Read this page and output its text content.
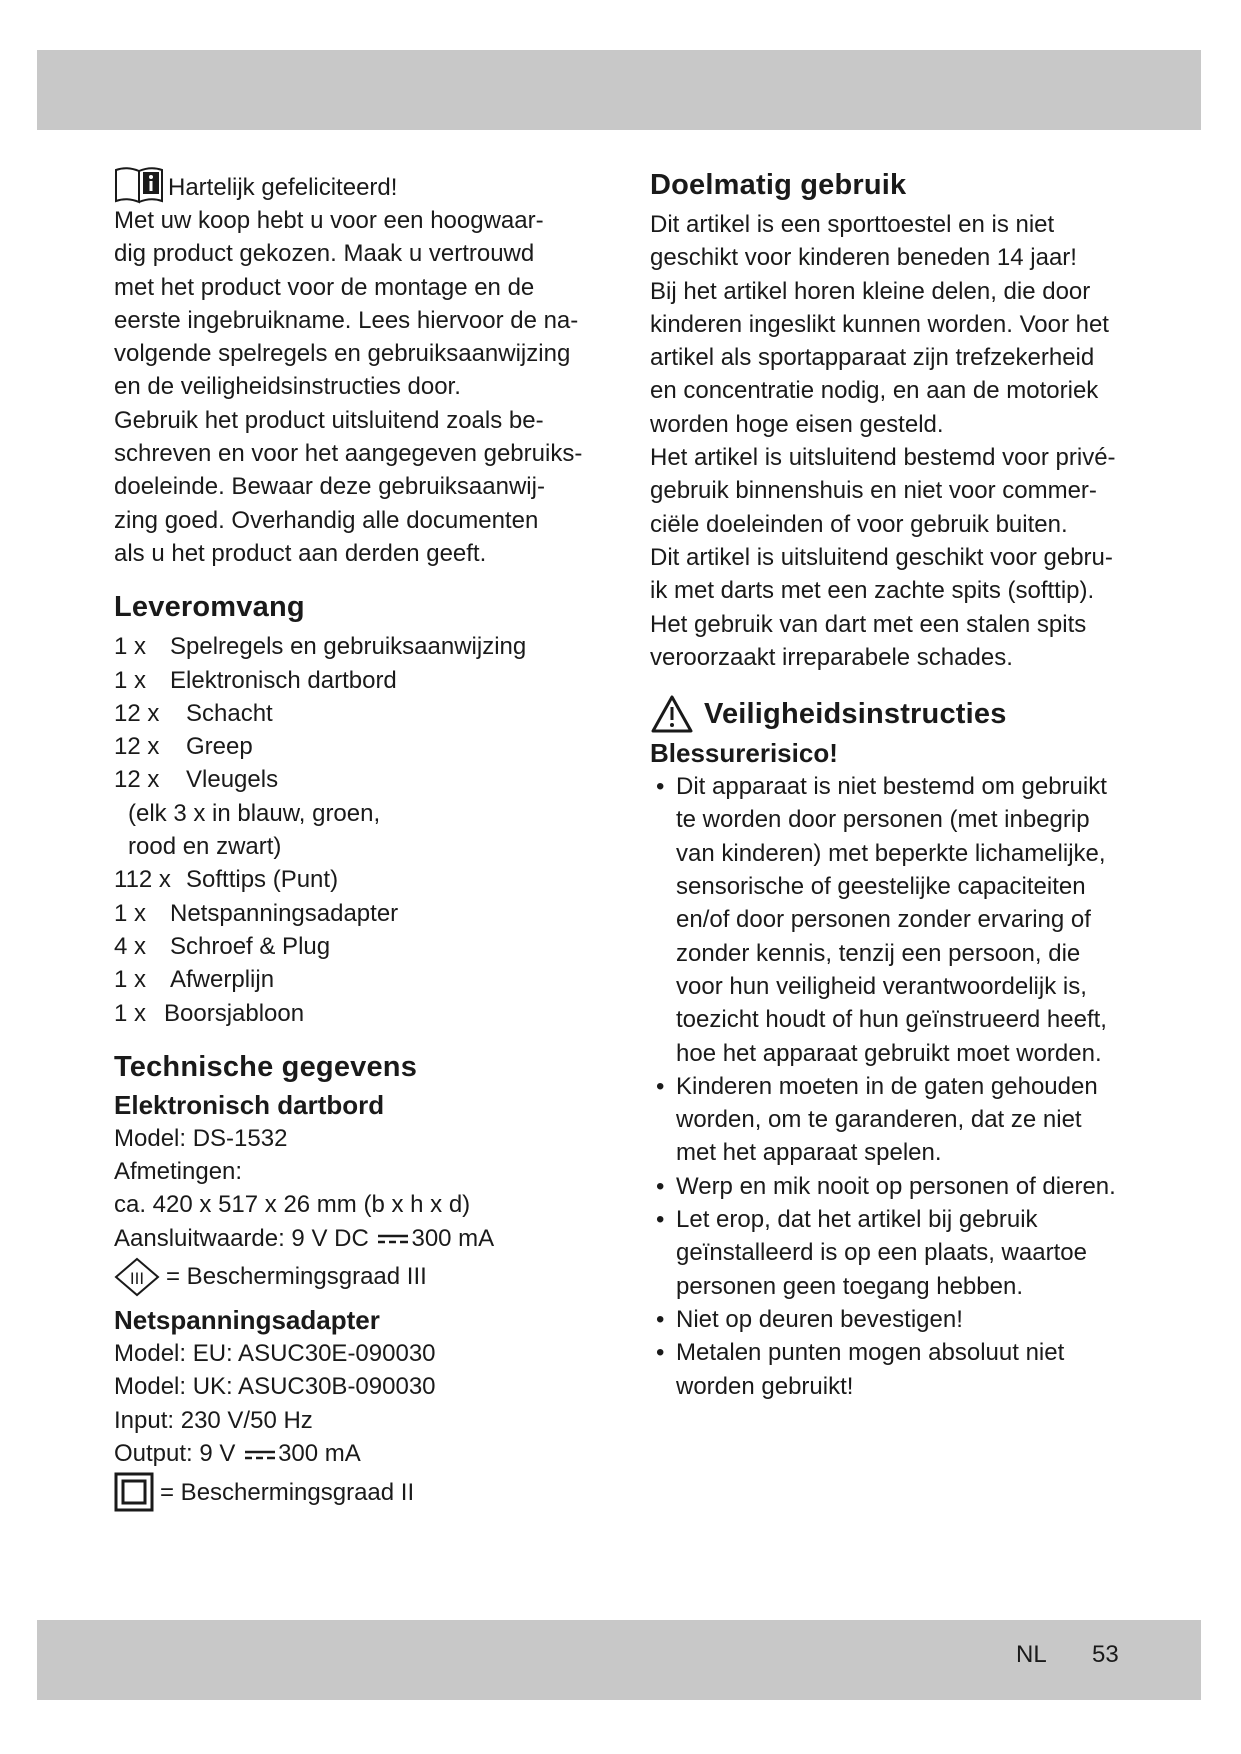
Hartelijk gefeliciteerd!

Met uw koop hebt u voor een hoogwaar-

dig product gekozen. Maak u vertrouwd

met het product voor de montage en de

eerste ingebruikname. Lees hiervoor de na-

volgende spelregels en gebruiksaanwijzing

en de veiligheidsinstructies door.

Gebruik het product uitsluitend zoals be-

schreven en voor het aangegeven gebruiks-

doeleinde. Bewaar deze gebruiksaanwij-

zing goed. Overhandig alle documenten

als u het product aan derden geeft.

Leveromvang
1 x Spelregels en gebruiksaanwijzing
1 x Elektronisch dartbord
12 x	Schacht
12 x	Greep
12 x	Vleugels

(elk 3 x in blauw, groen,

rood en zwart)

112 x Softtips (Punt)
1 x Netspanningsadapter
4 x Schroef & Plug
1 x Afwerplijn
1 x Boorsjabloon
Technische gegevens
Elektronisch dartbord

Model: DS-1532

Afmetingen:

ca. 420 x 517 x 26 mm (b x h x d)

Aansluitwaarde: 9 V DC 300 mA

III = Beschermingsgraad III
Netspanningsadapter

Model: EU: ASUC30E-090030

Model: UK: ASUC30B-090030

Input: 230 V/50 Hz

Output: 9 V 300 mA

= Beschermingsgraad II
Doelmatig gebruik

Dit artikel is een sporttoestel en is niet

geschikt voor kinderen beneden 14 jaar!

Bij het artikel horen kleine delen, die door

kinderen ingeslikt kunnen worden. Voor het

artikel als sportapparaat zijn trefzekerheid

en concentratie nodig, en aan de motoriek

worden hoge eisen gesteld.

Het artikel is uitsluitend bestemd voor privé-

gebruik binnenshuis en niet voor commer-

ciële doeleinden of voor gebruik buiten.

Dit artikel is uitsluitend geschikt voor gebru-

ik met darts met een zachte spits (softtip).

Het gebruik van dart met een stalen spits

veroorzaakt irreparabele schades.

Veiligheidsinstructies
Blessurerisico!
• Dit apparaat is niet bestemd om gebruikt

te worden door personen (met inbegrip

van kinderen) met beperkte lichamelijke,

sensorische of geestelijke capaciteiten

en/of door personen zonder ervaring of

zonder kennis, tenzij een persoon, die

voor hun veiligheid verantwoordelijk is,

toezicht houdt of hun geïnstrueerd heeft,

hoe het apparaat gebruikt moet worden.

• Kinderen moeten in de gaten gehouden

worden, om te garanderen, dat ze niet

met het apparaat spelen.

• Werp en mik nooit op personen of dieren.

• Let erop, dat het artikel bij gebruik

geïnstalleerd is op een plaats, waartoe

personen geen toegang hebben.

• Niet op deuren bevestigen!

• Metalen punten mogen absoluut niet

worden gebruikt!

NL 53
